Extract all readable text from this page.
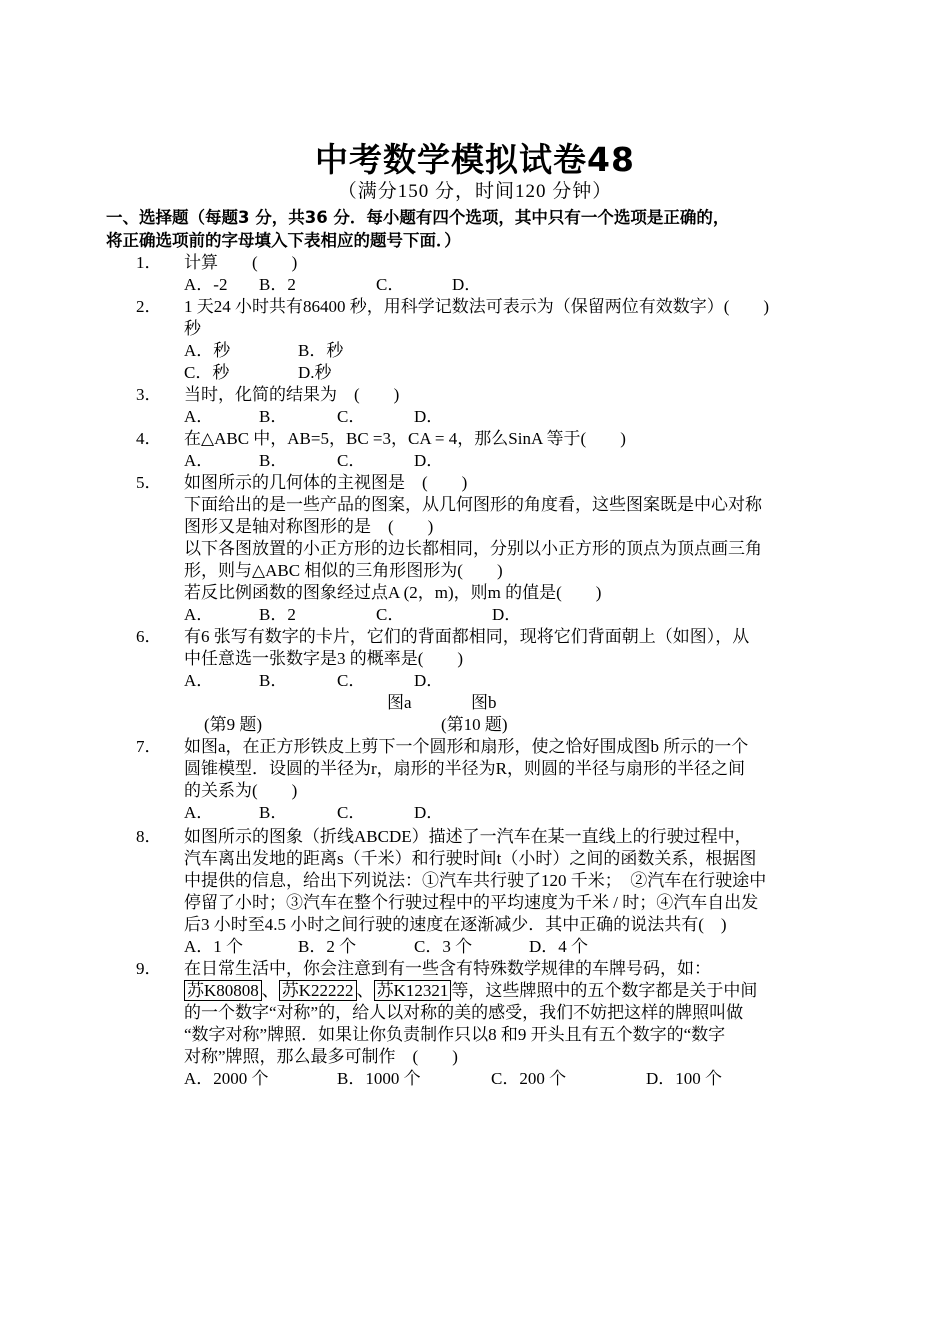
中考数学模拟试卷48
（满分150 分，时间120 分钟）
一、选择题（每题3 分，共36 分．每小题有四个选项，其中只有一个选项是正确的，
将正确选项前的字母填入下表相应的题号下面．）
1． 计算　　(　　)
A．-2 B．2	C．	D．
2． 1 天24 小时共有86400 秒，用科学记数法可表示为（保留两位有效数字）(　　)
秒
A．秒	B．秒
C．秒	D.秒
3． 当时，化简的结果为　(　　)
A．	B．	C．	D．
4． 在△ABC 中，AB=5，BC =3，CA = 4，那么SinA 等于(　　)
A．	B．	C．	D．
5． 如图所示的几何体的主视图是　(　　)
下面给出的是一些产品的图案，从几何图形的角度看，这些图案既是中心对称
图形又是轴对称图形的是　(　　)
以下各图放置的小正方形的边长都相同，分别以小正方形的顶点为顶点画三角
形，则与△ABC 相似的三角形图形为(　　)
若反比例函数的图象经过点A (2，m)，则m 的值是(　　)
A．	B．2	C．	D．
6． 有6 张写有数字的卡片，它们的背面都相同，现将它们背面朝上（如图），从
中任意选一张数字是3 的概率是(　　)
A．	B．	C．	D．
图a	图b
(第9 题)	(第10 题)
7． 如图a，在正方形铁皮上剪下一个圆形和扇形，使之恰好围成图b 所示的一个
圆锥模型．设圆的半径为r，扇形的半径为R，则圆的半径与扇形的半径之间
的关系为(　　)
A．	B．	C．	D．
8． 如图所示的图象（折线ABCDE）描述了一汽车在某一直线上的行驶过程中，
汽车离出发地的距离s（千米）和行驶时间t（小时）之间的函数关系，根据图
中提供的信息，给出下列说法：①汽车共行驶了120 千米；　②汽车在行驶途中
停留了小时；③汽车在整个行驶过程中的平均速度为千米 / 时；④汽车自出发
后3 小时至4.5 小时之间行驶的速度在逐渐减少．其中正确的说法共有(　)
A．1 个	B．2 个	C．3 个	D．4 个
9． 在日常生活中，你会注意到有一些含有特殊数学规律的车牌号码，如：
苏K80808 、 苏K22222 、 苏K12321 等，这些牌照中的五个数字都是关于中间
的一个数字“对称”的，给人以对称的美的感受，我们不妨把这样的牌照叫做
“数字对称”牌照．如果让你负责制作只以8 和9 开头且有五个数字的“数字
对称”牌照，那么最多可制作　(　　)
A．2000 个	B．1000 个	C．200 个	D．100 个
